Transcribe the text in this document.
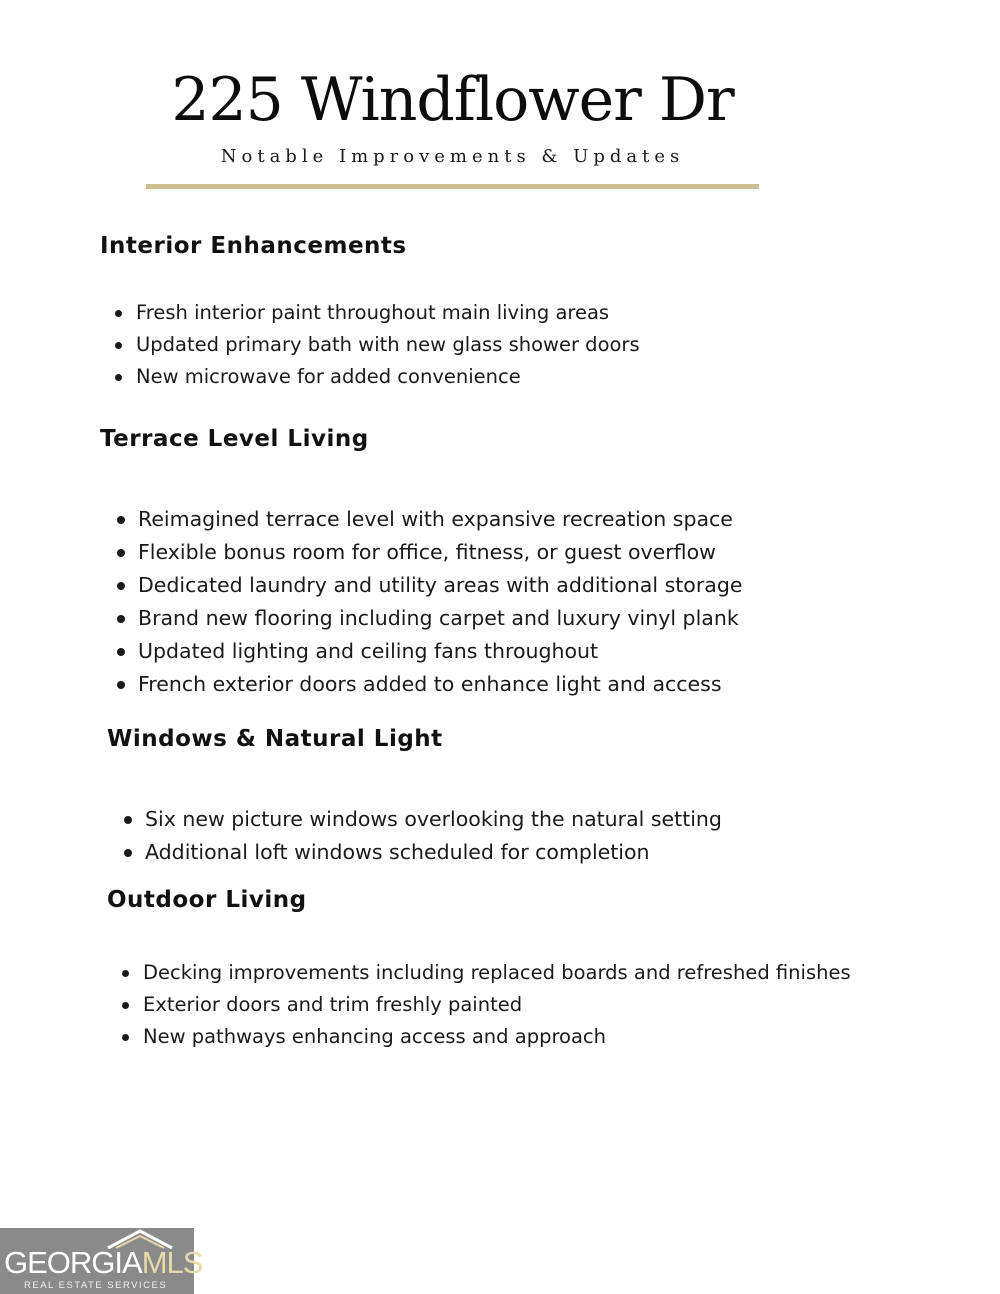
225 Windflower Dr
Notable Improvements & Updates
Interior Enhancements
Fresh interior paint throughout main living areas
Updated primary bath with new glass shower doors
New microwave for added convenience
Terrace Level Living
Reimagined terrace level with expansive recreation space
Flexible bonus room for office, fitness, or guest overflow
Dedicated laundry and utility areas with additional storage
Brand new flooring including carpet and luxury vinyl plank
Updated lighting and ceiling fans throughout
French exterior doors added to enhance light and access
Windows & Natural Light
Six new picture windows overlooking the natural setting
Additional loft windows scheduled for completion
Outdoor Living
Decking improvements including replaced boards and refreshed finishes
Exterior doors and trim freshly painted
New pathways enhancing access and approach
GEORGIAMLS
REAL ESTATE SERVICES
